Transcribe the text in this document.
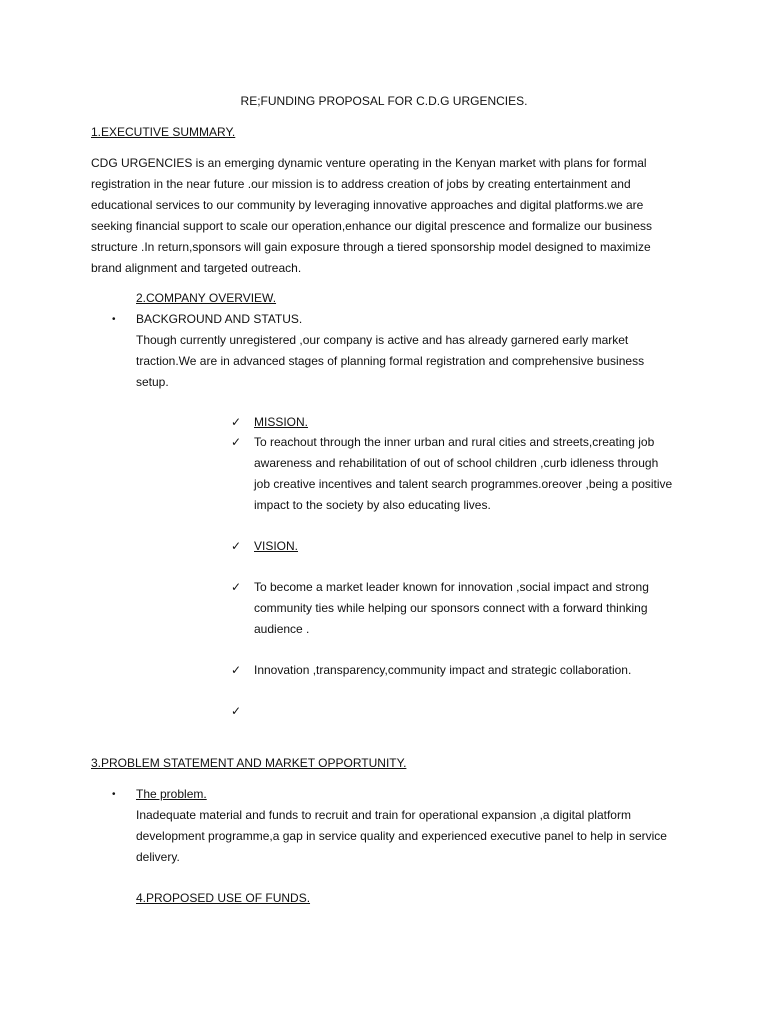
RE;FUNDING PROPOSAL FOR C.D.G URGENCIES.
1.EXECUTIVE SUMMARY.
CDG URGENCIES is an emerging dynamic venture operating in the Kenyan market with plans for formal
registration in the near future .our mission is to address creation of jobs by creating entertainment and
educational services to our community by leveraging innovative approaches and digital platforms.we are
seeking financial support to scale our operation,enhance our digital prescence and formalize our business
structure .In return,sponsors will gain exposure through a tiered sponsorship model designed to maximize
brand alignment and targeted outreach.
2.COMPANY OVERVIEW.
• BACKGROUND AND STATUS.
Though currently unregistered ,our company is active and has already garnered early market
traction.We are in advanced stages of planning formal registration and comprehensive business
setup.
✓ MISSION.
✓ To reachout through the inner urban and rural cities and streets,creating job
awareness and rehabilitation of out of school children ,curb idleness through
job creative incentives and talent search programmes.oreover ,being a positive
impact to the society by also educating lives.
✓ VISION.
✓ To become a market leader known for innovation ,social impact and strong
community ties while helping our sponsors connect with a forward thinking
audience .
✓ Innovation ,transparency,community impact and strategic collaboration.
✓
3.PROBLEM STATEMENT AND MARKET OPPORTUNITY.
• The problem.
Inadequate material and funds to recruit and train for operational expansion ,a digital platform
development programme,a gap in service quality and experienced executive panel to help in service
delivery.
4.PROPOSED USE OF FUNDS.
